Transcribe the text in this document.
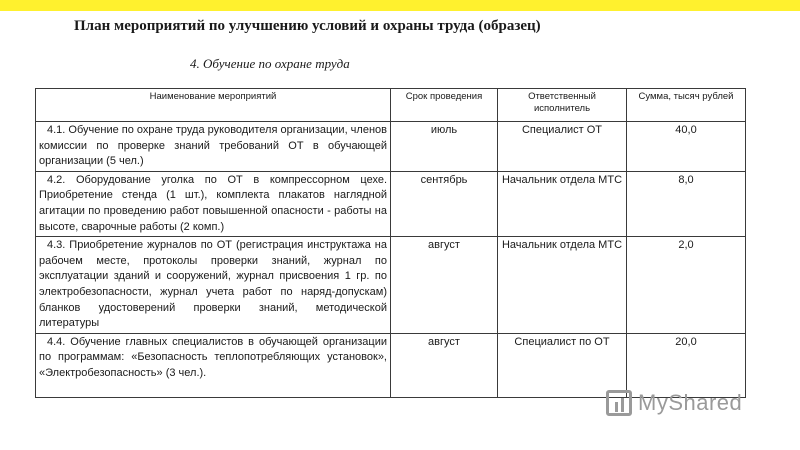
План мероприятий по улучшению условий и охраны труда (образец)
4. Обучение по охране труда
Наименование мероприятий	Срок проведения	Ответственный исполнитель	Сумма, тысяч рублей
4.1. Обучение по охране труда руководителя организации, членов комиссии по проверке знаний требований ОТ в обучающей организации (5 чел.)	июль	Специалист ОТ	40,0
4.2. Оборудование уголка по ОТ в компрессорном цехе. Приобретение стенда (1 шт.), комплекта плакатов наглядной агитации по проведению работ повышенной опасности - работы на высоте, сварочные работы (2 комп.)	сентябрь	Начальник отдела МТС	8,0
4.3. Приобретение журналов по ОТ (регистрация инструктажа на рабочем месте, протоколы проверки знаний, журнал по эксплуатации зданий и сооружений, журнал присвоения 1 гр. по электробезопасности, журнал учета работ по наряд-допускам) бланков удостоверений проверки знаний, методической литературы	август	Начальник отдела МТС	2,0
4.4. Обучение главных специалистов в обучающей организации по программам: «Безопасность теплопотребляющих установок», «Электробезопасность» (3 чел.).	август	Специалист по ОТ	20,0
MyShared
